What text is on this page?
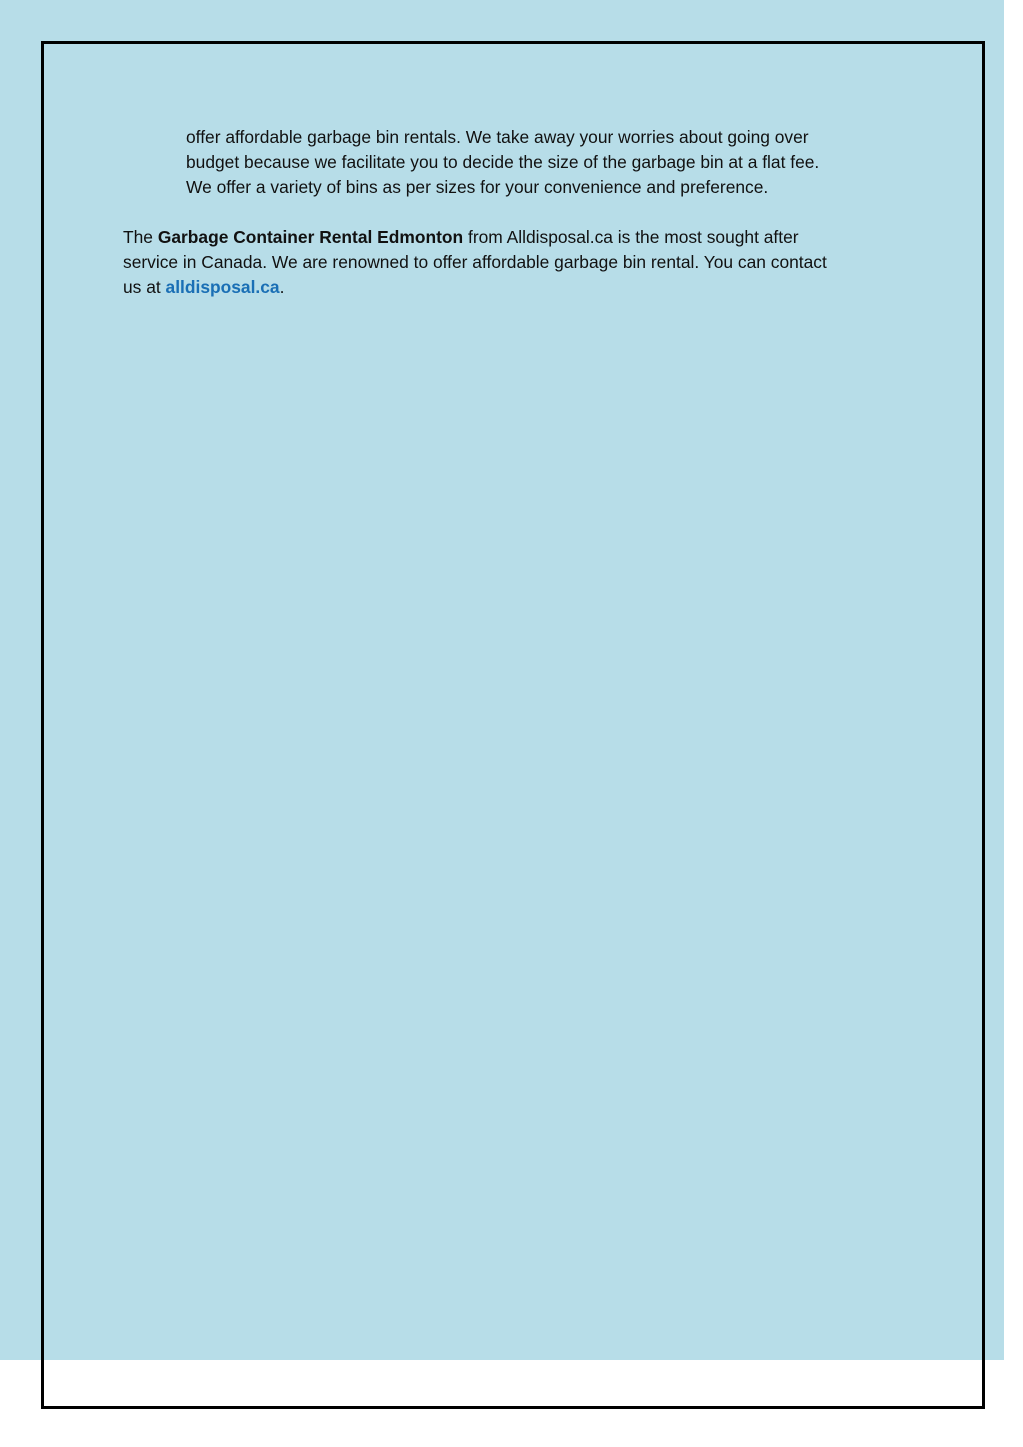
offer affordable garbage bin rentals. We take away your worries about going over
budget because we facilitate you to decide the size of the garbage bin at a flat fee.
We offer a variety of bins as per sizes for your convenience and preference.
The Garbage Container Rental Edmonton from Alldisposal.ca is the most sought after
service in Canada. We are renowned to offer affordable garbage bin rental. You can contact
us at alldisposal.ca.
